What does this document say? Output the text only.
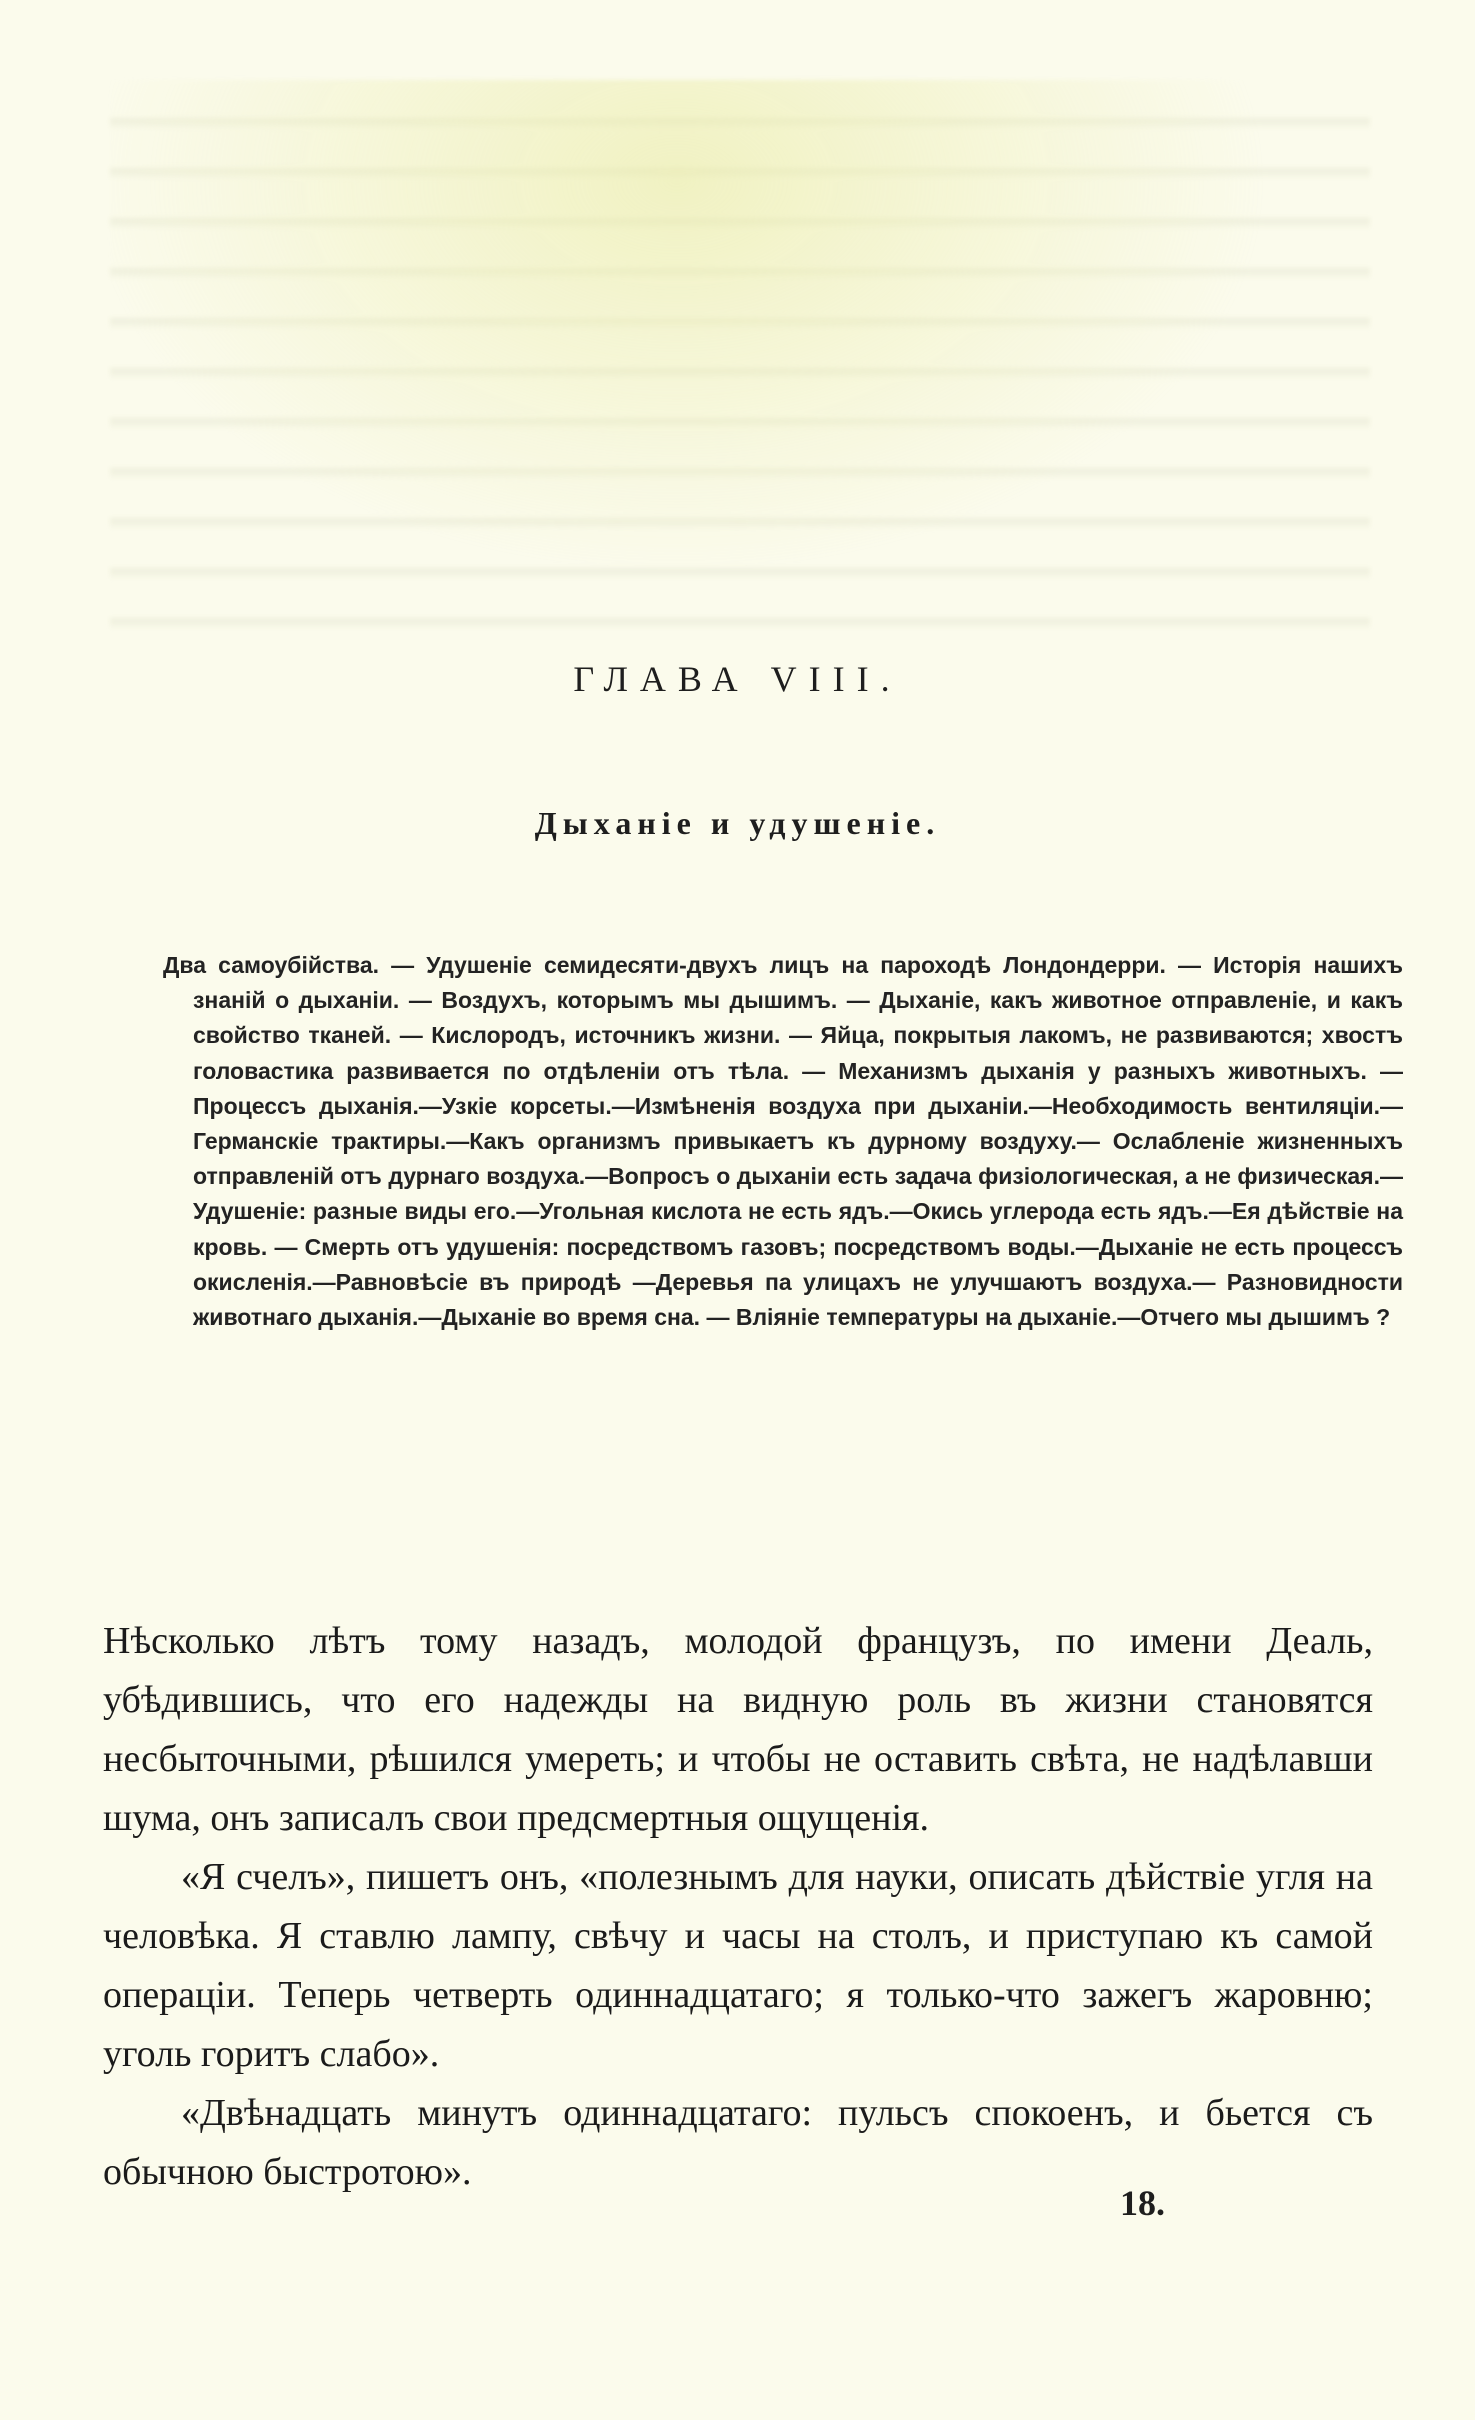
ГЛАВА VIII.
Дыханіе и удушеніе.
Два самоубійства. — Удушеніе семидесяти-двухъ лицъ на пароходѣ Лондондерри. — Исторія нашихъ знаній о дыханіи. — Воздухъ, которымъ мы дышимъ. — Дыханіе, какъ животное отправленіе, и какъ свойство тканей. — Кислородъ, источникъ жизни. — Яйца, покрытыя лакомъ, не развиваются; хвостъ головастика развивается по отдѣленіи отъ тѣла. — Механизмъ дыханія у разныхъ животныхъ. — Процессъ дыханія.—Узкіе корсеты.—Измѣненія воздуха при дыханіи.—Необходимость вентиляціи.—Германскіе трактиры.—Какъ организмъ привыкаетъ къ дурному воздуху.— Ослабленіе жизненныхъ отправленій отъ дурнаго воздуха.—Вопросъ о дыханіи есть задача физіологическая, а не физическая.—Удушеніе: разные виды его.—Угольная кислота не есть ядъ.—Окись углерода есть ядъ.—Ея дѣйствіе на кровь. — Смерть отъ удушенія: посредствомъ газовъ; посредствомъ воды.—Дыханіе не есть процессъ окисленія.—Равновѣсіе въ природѣ —Деревья па улицахъ не улучшаютъ воздуха.— Разновидности животнаго дыханія.—Дыханіе во время сна. — Вліяніе температуры на дыханіе.—Отчего мы дышимъ ?

Нѣсколько лѣтъ тому назадъ, молодой французъ, по имени Деаль, убѣдившись, что его надежды на видную роль въ жизни становятся несбыточными, рѣшился умереть; и чтобы не оставить свѣта, не надѣлавши шума, онъ записалъ свои предсмертныя ощущенія.

«Я счелъ», пишетъ онъ, «полезнымъ для науки, описать дѣйствіе угля на человѣка. Я ставлю лампу, свѣчу и часы на столъ, и приступаю къ самой операціи. Теперь четверть одиннадцатаго; я только-что зажегъ жаровню; уголь горитъ слабо».

«Двѣнадцать минутъ одиннадцатаго: пульсъ спокоенъ, и бьется съ обычною быстротою».

18.
